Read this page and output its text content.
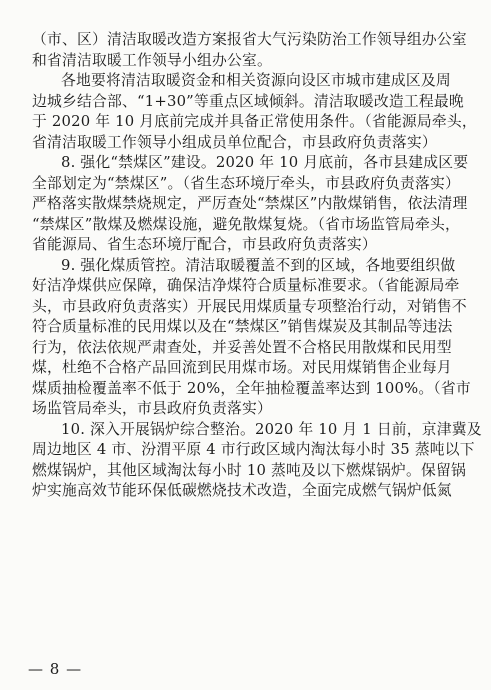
（市、区）清洁取暖改造方案报省大气污染防治工作领导组办公室
和省清洁取暖工作领导小组办公室。
各地要将清洁取暖资金和相关资源向设区市城市建成区及周
边城乡结合部、“1+30”等重点区域倾斜。清洁取暖改造工程最晚
于 2020 年 10 月底前完成并具备正常使用条件。（省能源局牵头，
省清洁取暖工作领导小组成员单位配合，市县政府负责落实）
8. 强化“禁煤区”建设。2020 年 10 月底前，各市县建成区要
全部划定为“禁煤区”。（省生态环境厅牵头，市县政府负责落实）
严格落实散煤禁烧规定，严厉查处“禁煤区”内散煤销售，依法清理
“禁煤区”散煤及燃煤设施，避免散煤复烧。（省市场监管局牵头，
省能源局、省生态环境厅配合，市县政府负责落实）
9. 强化煤质管控。清洁取暖覆盖不到的区域，各地要组织做
好洁净煤供应保障，确保洁净煤符合质量标准要求。（省能源局牵
头，市县政府负责落实）开展民用煤质量专项整治行动，对销售不
符合质量标准的民用煤以及在“禁煤区”销售煤炭及其制品等违法
行为，依法依规严肃查处，并妥善处置不合格民用散煤和民用型
煤，杜绝不合格产品回流到民用煤市场。对民用煤销售企业每月
煤质抽检覆盖率不低于 20%，全年抽检覆盖率达到 100%。（省市
场监管局牵头，市县政府负责落实）
10. 深入开展锅炉综合整治。2020 年 10 月 1 日前，京津冀及
周边地区 4 市、汾渭平原 4 市行政区域内淘汰每小时 35 蒸吨以下
燃煤锅炉，其他区域淘汰每小时 10 蒸吨及以下燃煤锅炉。保留锅
炉实施高效节能环保低碳燃烧技术改造，全面完成燃气锅炉低氮
— 8 —
